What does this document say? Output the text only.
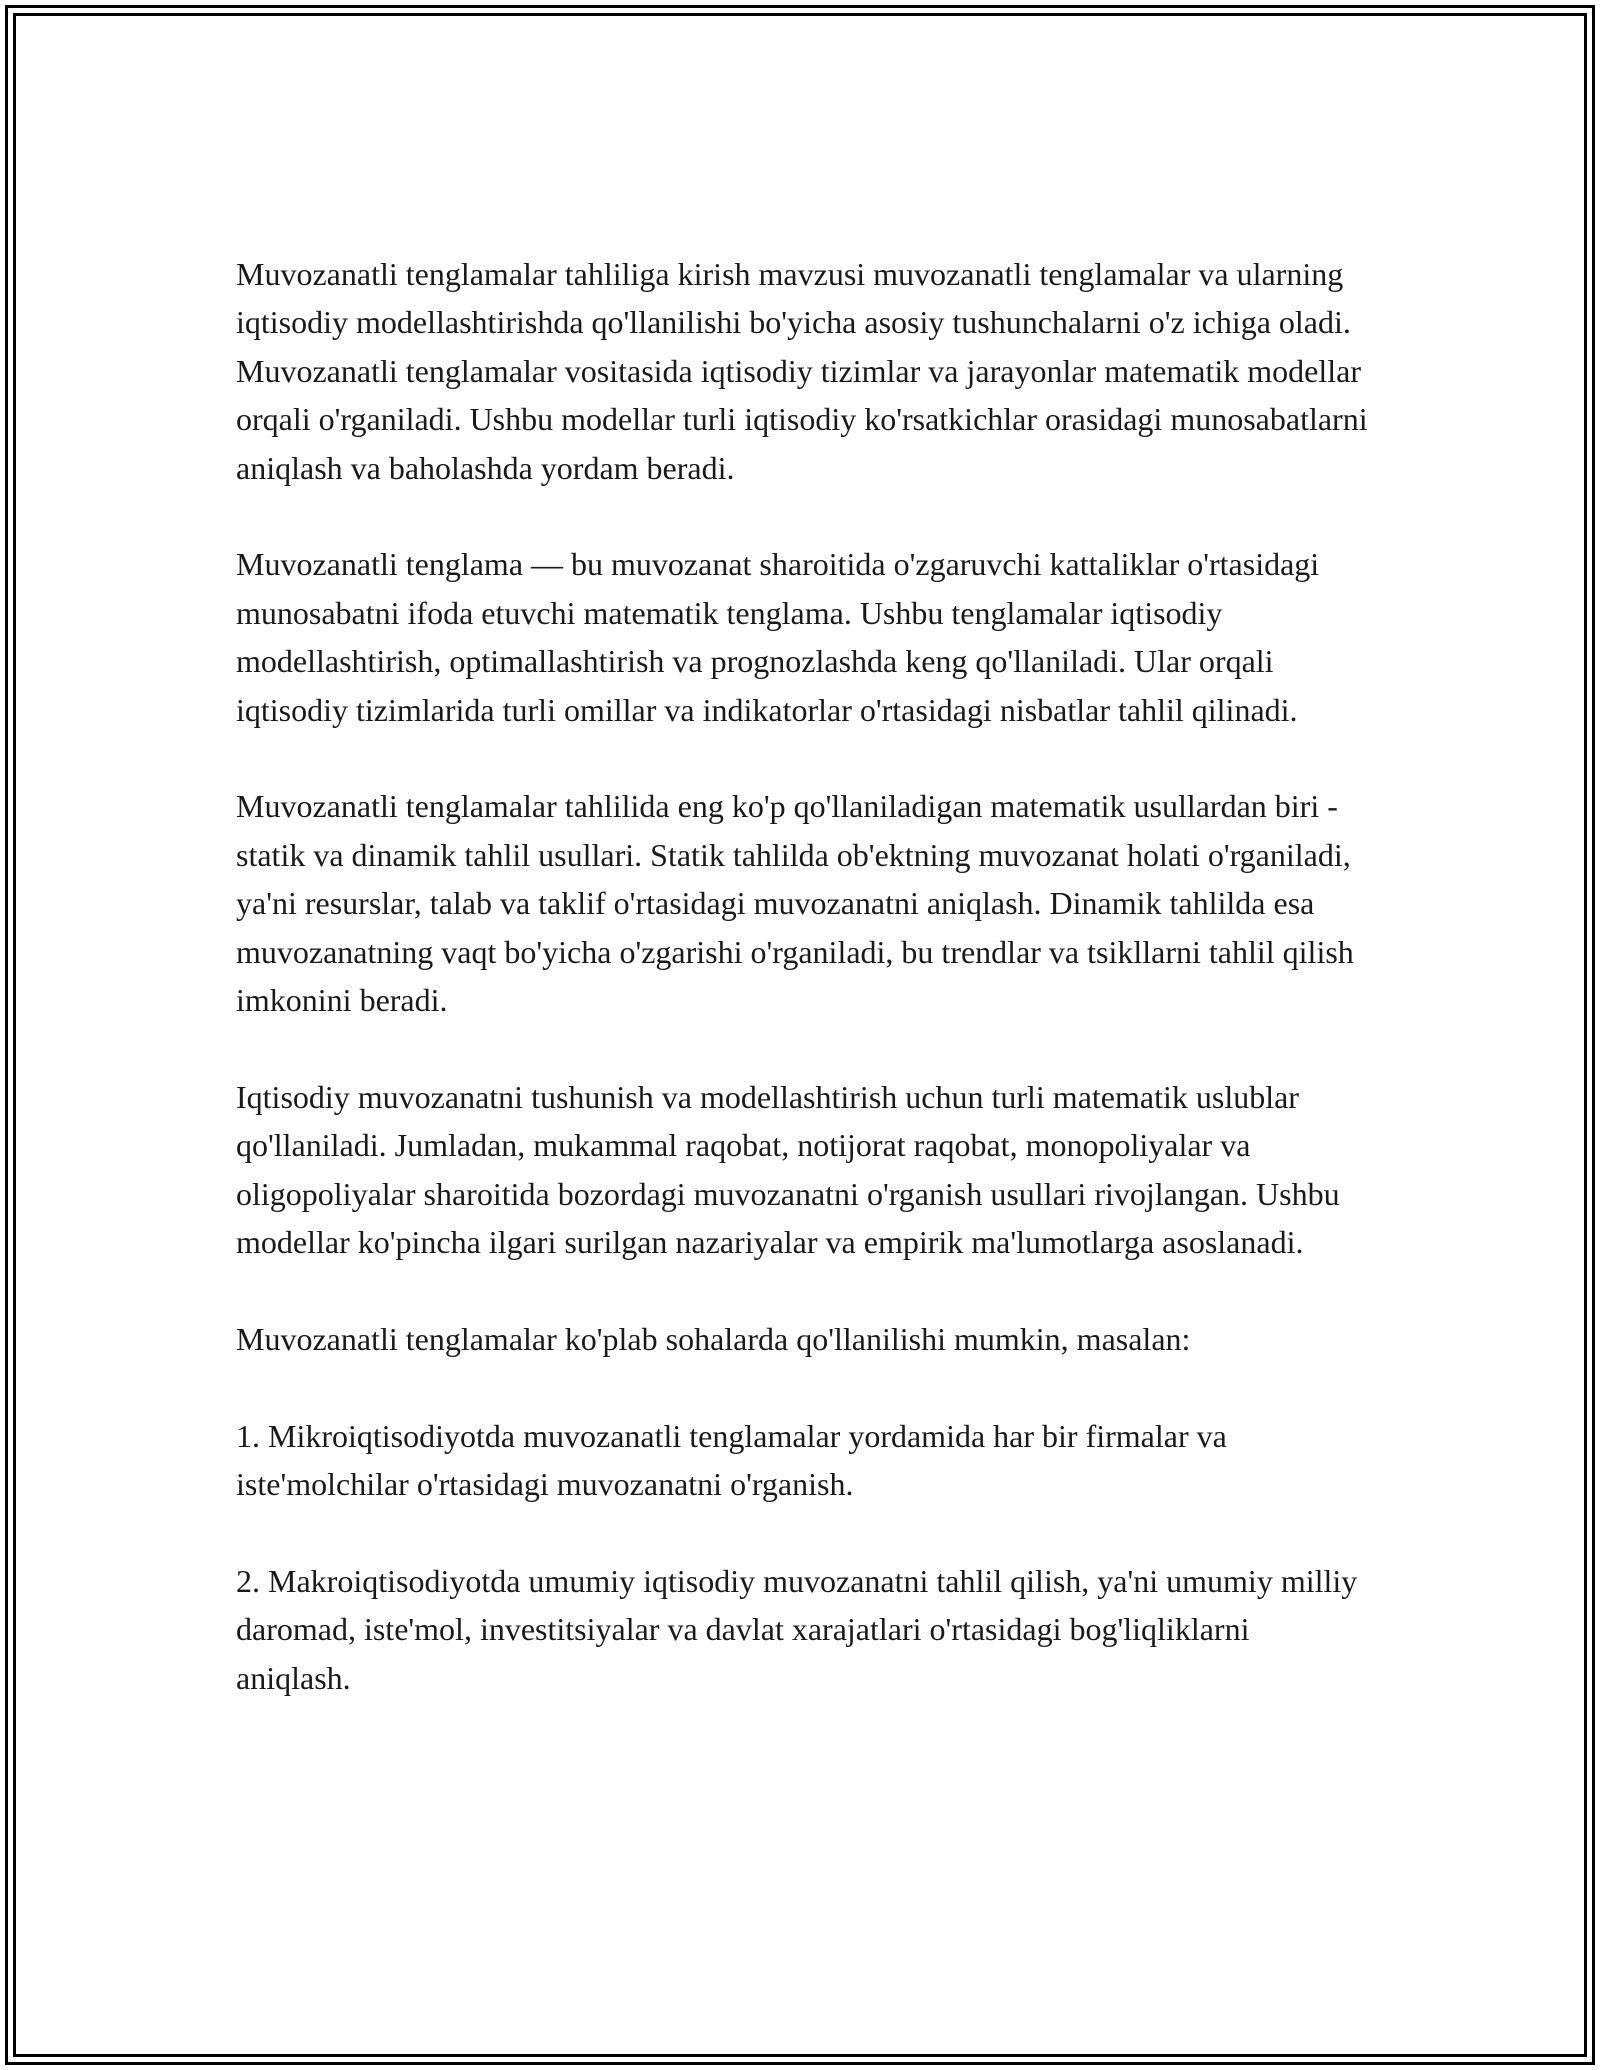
Muvozanatli tenglamalar tahliliga kirish mavzusi muvozanatli tenglamalar va ularning iqtisodiy modellashtirishda qo'llanilishi bo'yicha asosiy tushunchalarni o'z ichiga oladi. Muvozanatli tenglamalar vositasida iqtisodiy tizimlar va jarayonlar matematik modellar orqali o'rganiladi. Ushbu modellar turli iqtisodiy ko'rsatkichlar orasidagi munosabatlarni aniqlash va baholashda yordam beradi.

Muvozanatli tenglama — bu muvozanat sharoitida o'zgaruvchi kattaliklar o'rtasidagi munosabatni ifoda etuvchi matematik tenglama. Ushbu tenglamalar iqtisodiy modellashtirish, optimallashtirish va prognozlashda keng qo'llaniladi. Ular orqali iqtisodiy tizimlarida turli omillar va indikatorlar o'rtasidagi nisbatlar tahlil qilinadi.

Muvozanatli tenglamalar tahlilida eng ko'p qo'llaniladigan matematik usullardan biri - statik va dinamik tahlil usullari. Statik tahlilda ob'ektning muvozanat holati o'rganiladi, ya'ni resurslar, talab va taklif o'rtasidagi muvozanatni aniqlash. Dinamik tahlilda esa muvozanatning vaqt bo'yicha o'zgarishi o'rganiladi, bu trendlar va tsikllarni tahlil qilish imkonini beradi.

Iqtisodiy muvozanatni tushunish va modellashtirish uchun turli matematik uslublar qo'llaniladi. Jumladan, mukammal raqobat, notijorat raqobat, monopoliyalar va oligopoliyalar sharoitida bozordagi muvozanatni o'rganish usullari rivojlangan. Ushbu modellar ko'pincha ilgari surilgan nazariyalar va empirik ma'lumotlarga asoslanadi.

Muvozanatli tenglamalar ko'plab sohalarda qo'llanilishi mumkin, masalan:

1. Mikroiqtisodiyotda muvozanatli tenglamalar yordamida har bir firmalar va iste'molchilar o'rtasidagi muvozanatni o'rganish.

2. Makroiqtisodiyotda umumiy iqtisodiy muvozanatni tahlil qilish, ya'ni umumiy milliy daromad, iste'mol, investitsiyalar va davlat xarajatlari o'rtasidagi bog'liqliklarni aniqlash.
